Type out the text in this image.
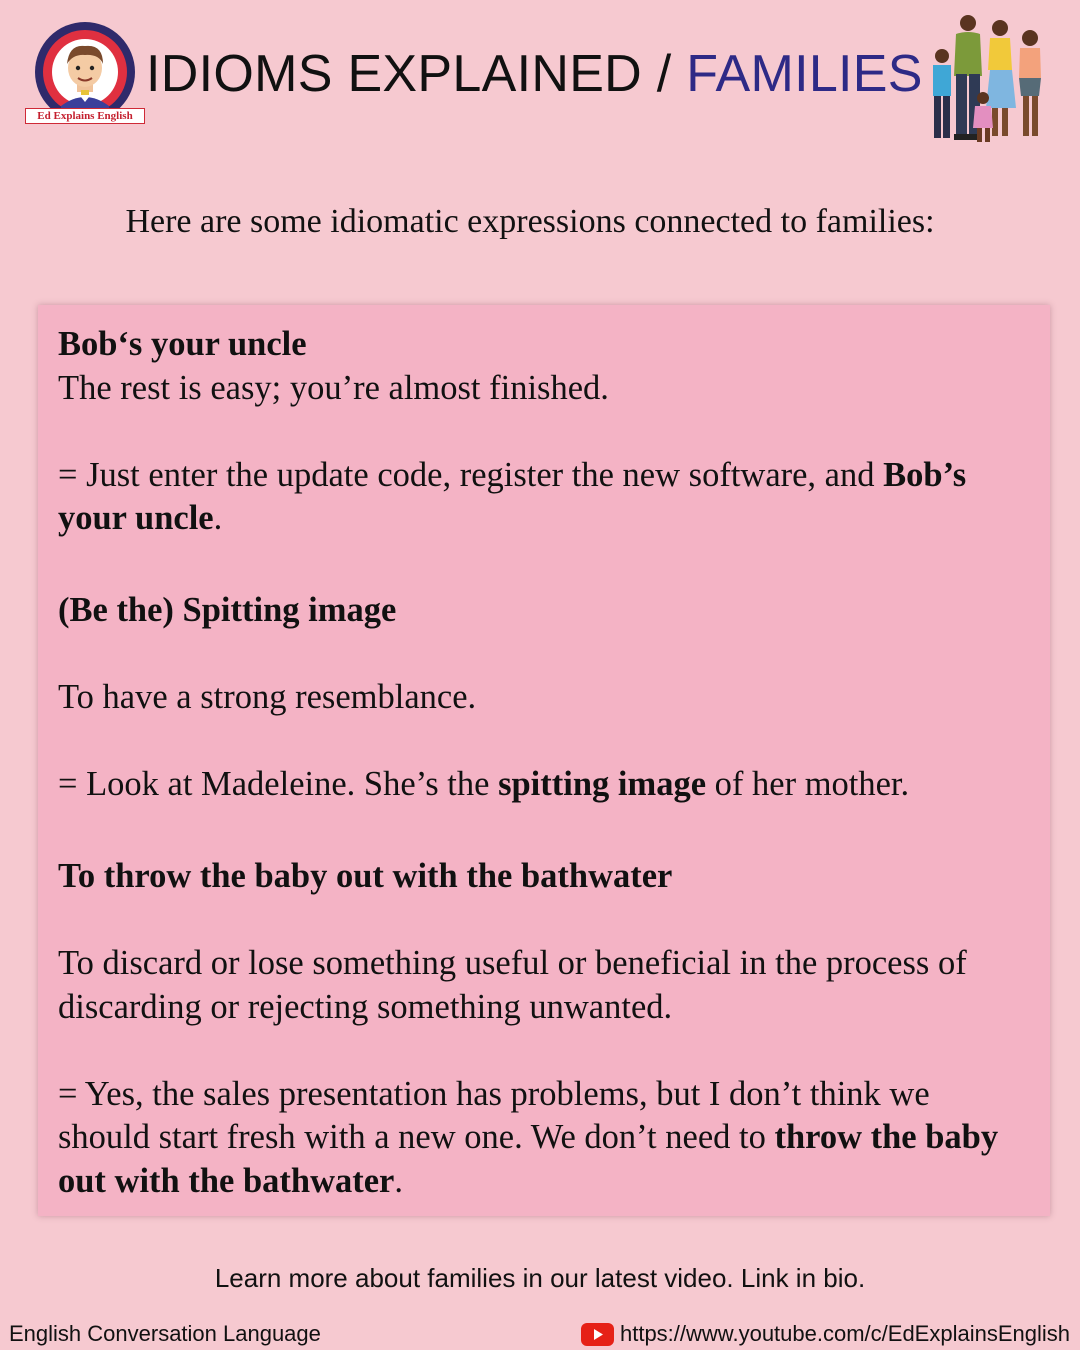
Ed Explains English
IDIOMS EXPLAINED / FAMILIES
Here are some idiomatic expressions connected to families:

Bob‘s your uncle

The rest is easy; you’re almost finished.

= Just enter the update code, register the new software, and Bob’s your uncle.

(Be the) Spitting image

To have a strong resemblance.

= Look at Madeleine. She’s the spitting image of her mother.

To throw the baby out with the bathwater

To discard or lose something useful or beneficial in the process of discarding or rejecting something unwanted.

= Yes, the sales presentation has problems, but I don’t think we should start fresh with a new one. We don’t need to throw the baby out with the bathwater.

Learn more about families in our latest video. Link in bio.
English Conversation Language	https://www.youtube.com/c/EdExplainsEnglish
